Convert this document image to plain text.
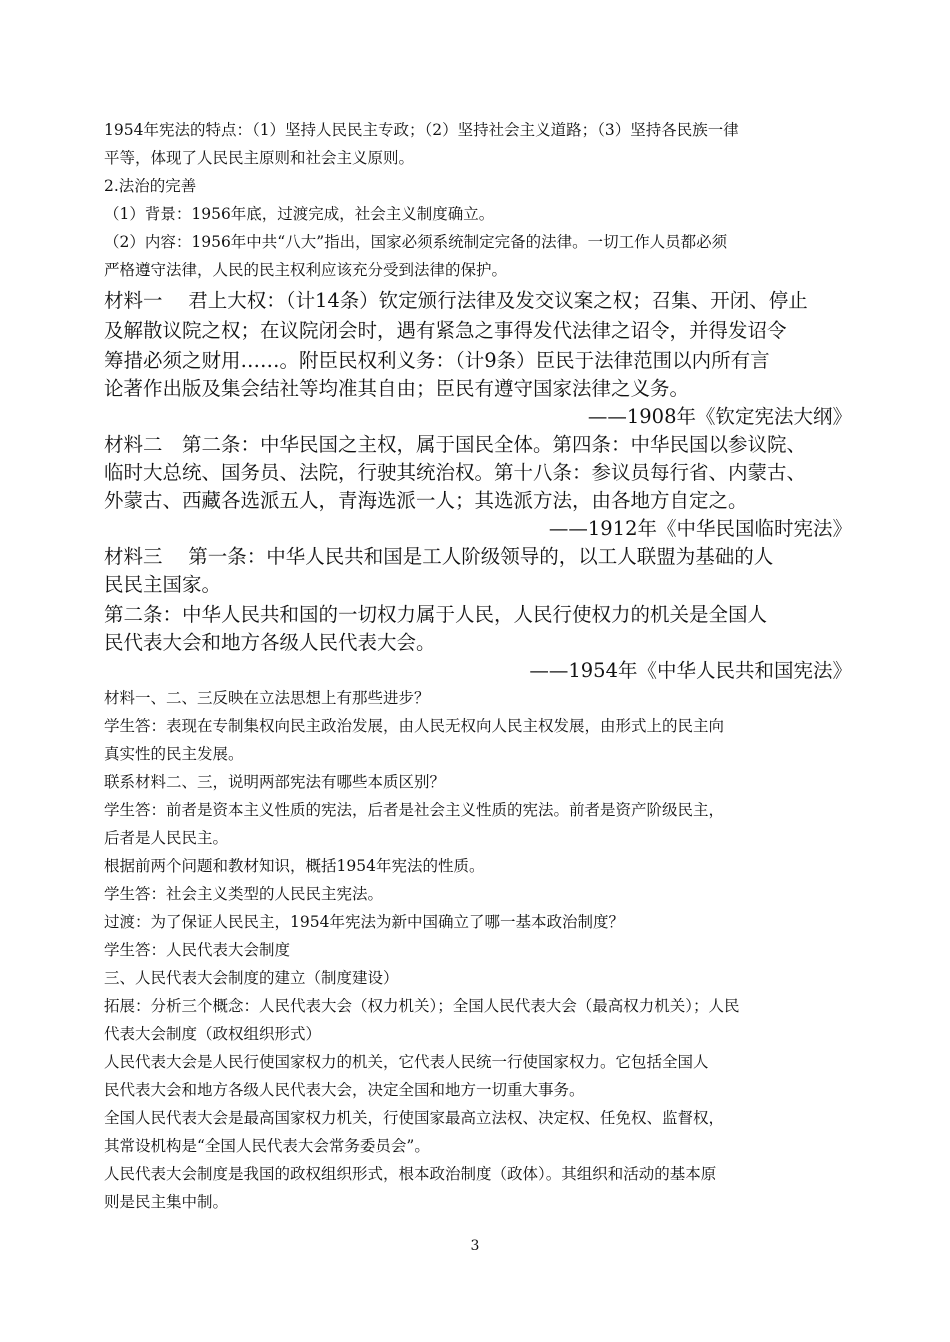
1954年宪法的特点：（1）坚持人民民主专政；（2）坚持社会主义道路；（3）坚持各民族一律
平等，体现了人民民主原则和社会主义原则。
2.法治的完善
（1）背景：1956年底，过渡完成，社会主义制度确立。
（2）内容：1956年中共“八大”指出，国家必须系统制定完备的法律。一切工作人员都必须
严格遵守法律，人民的民主权利应该充分受到法律的保护。
材料一　 君上大权：（计14条）钦定颁行法律及发交议案之权；召集、开闭、停止
及解散议院之权；在议院闭会时，遇有紧急之事得发代法律之诏令，并得发诏令
筹措必须之财用……。附臣民权利义务：（计9条）臣民于法律范围以内所有言
论著作出版及集会结社等均准其自由；臣民有遵守国家法律之义务。
——1908年《钦定宪法大纲》
材料二　第二条：中华民国之主权，属于国民全体。第四条：中华民国以参议院、
临时大总统、国务员、法院，行驶其统治权。第十八条：参议员每行省、内蒙古、
外蒙古、西藏各选派五人，青海选派一人；其选派方法，由各地方自定之。
——1912年《中华民国临时宪法》
材料三　 第一条：中华人民共和国是工人阶级领导的，以工人联盟为基础的人
民民主国家。
第二条：中华人民共和国的一切权力属于人民，人民行使权力的机关是全国人
民代表大会和地方各级人民代表大会。
——1954年《中华人民共和国宪法》
材料一、二、三反映在立法思想上有那些进步？
学生答：表现在专制集权向民主政治发展，由人民无权向人民主权发展，由形式上的民主向
真实性的民主发展。
联系材料二、三，说明两部宪法有哪些本质区别？
学生答：前者是资本主义性质的宪法，后者是社会主义性质的宪法。前者是资产阶级民主，
后者是人民民主。
根据前两个问题和教材知识，概括1954年宪法的性质。
学生答：社会主义类型的人民民主宪法。
过渡：为了保证人民民主，1954年宪法为新中国确立了哪一基本政治制度？
学生答：人民代表大会制度
三、人民代表大会制度的建立（制度建设）
拓展：分析三个概念：人民代表大会（权力机关）；全国人民代表大会（最高权力机关）；人民
代表大会制度（政权组织形式）
人民代表大会是人民行使国家权力的机关，它代表人民统一行使国家权力。它包括全国人
民代表大会和地方各级人民代表大会，决定全国和地方一切重大事务。
全国人民代表大会是最高国家权力机关，行使国家最高立法权、决定权、任免权、监督权，
其常设机构是“全国人民代表大会常务委员会”。
人民代表大会制度是我国的政权组织形式，根本政治制度（政体）。其组织和活动的基本原
则是民主集中制。
3
